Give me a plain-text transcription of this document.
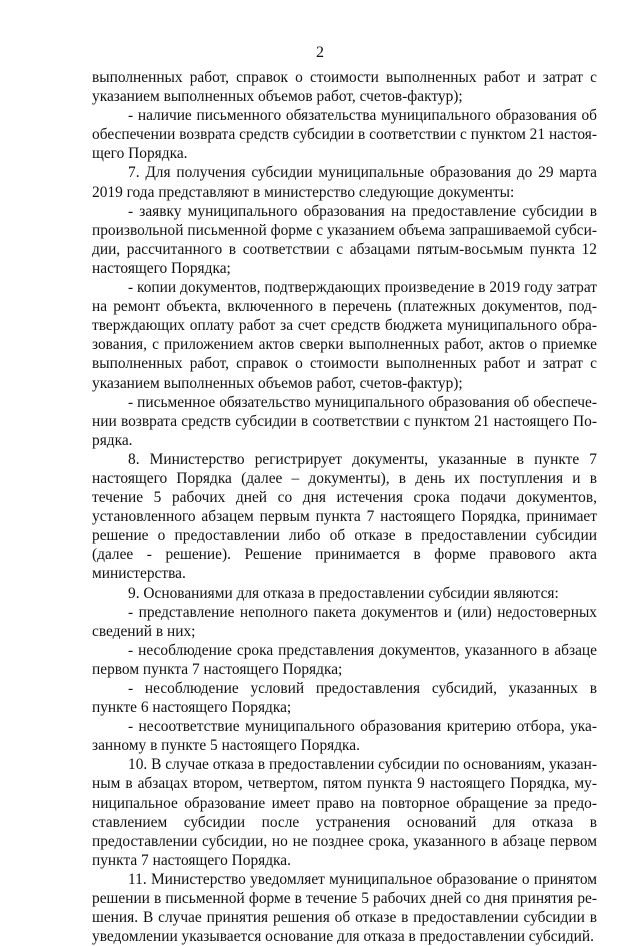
2

выполненных работ, справок о стоимости выполненных работ и затрат с указанием выполненных объемов работ, счетов-фактур);

- наличие письменного обязательства муниципального образования об обеспечении возврата средств субсидии в соответствии с пунктом 21 настоящего Порядка.

7. Для получения субсидии муниципальные образования до 29 марта 2019 года представляют в министерство следующие документы:

- заявку муниципального образования на предоставление субсидии в произвольной письменной форме с указанием объема запрашиваемой субсидии, рассчитанного в соответствии с абзацами пятым-восьмым пункта 12 настоящего Порядка;

- копии документов, подтверждающих произведение в 2019 году затрат на ремонт объекта, включенного в перечень (платежных документов, подтверждающих оплату работ за счет средств бюджета муниципального образования, с приложением актов сверки выполненных работ, актов о приемке выполненных работ, справок о стоимости выполненных работ и затрат с указанием выполненных объемов работ, счетов-фактур);

- письменное обязательство муниципального образования об обеспечении возврата средств субсидии в соответствии с пунктом 21 настоящего Порядка.

8. Министерство регистрирует документы, указанные в пункте 7 настоящего Порядка (далее – документы), в день их поступления и в течение 5 рабочих дней со дня истечения срока подачи документов, установленного абзацем первым пункта 7 настоящего Порядка, принимает решение о предоставлении либо об отказе в предоставлении субсидии (далее - решение). Решение принимается в форме правового акта министерства.

9. Основаниями для отказа в предоставлении субсидии являются:

- представление неполного пакета документов и (или) недостоверных сведений в них;

- несоблюдение срока представления документов, указанного в абзаце первом пункта 7 настоящего Порядка;

- несоблюдение условий предоставления субсидий, указанных в пункте 6 настоящего Порядка;

- несоответствие муниципального образования критерию отбора, указанному в пункте 5 настоящего Порядка.

10. В случае отказа в предоставлении субсидии по основаниям, указанным в абзацах втором, четвертом, пятом пункта 9 настоящего Порядка, муниципальное образование имеет право на повторное обращение за предоставлением субсидии после устранения оснований для отказа в предоставлении субсидии, но не позднее срока, указанного в абзаце первом пункта 7 настоящего Порядка.

11. Министерство уведомляет муниципальное образование о принятом решении в письменной форме в течение 5 рабочих дней со дня принятия решения. В случае принятия решения об отказе в предоставлении субсидии в уведомлении указывается основание для отказа в предоставлении субсидий.
